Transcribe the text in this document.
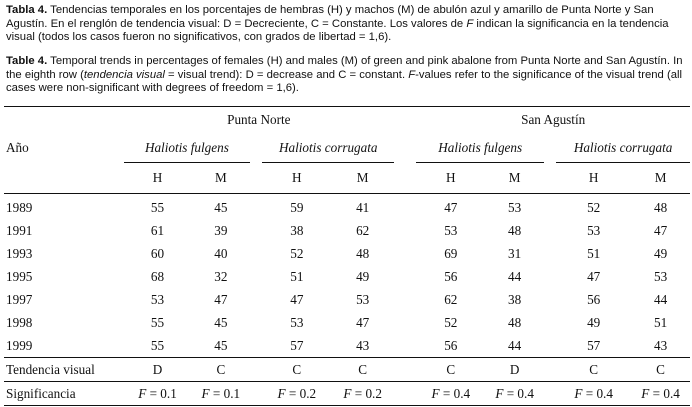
Tabla 4. Tendencias temporales en los porcentajes de hembras (H) y machos (M) de abulón azul y amarillo de Punta Norte y San Agustín. En el renglón de tendencia visual: D = Decreciente, C = Constante. Los valores de F indican la significancia en la tendencia visual (todos los casos fueron no significativos, con grados de libertad = 1,6).
Table 4. Temporal trends in percentages of females (H) and males (M) of green and pink abalone from Punta Norte and San Agustín. In the eighth row (tendencia visual = visual trend): D = decrease and C = constant. F-values refer to the significance of the visual trend (all cases were non-significant with degrees of freedom = 1,6).
	Punta Norte						San Agustín				
Año	Haliotis fulgens			Haliotis corrugata			Haliotis fulgens			Haliotis corrugata	
	H	M		H	M		H	M		H	M
1989	55	45		59	41		47	53		52	48
1991	61	39		38	62		53	48		53	47
1993	60	40		52	48		69	31		51	49
1995	68	32		51	49		56	44		47	53
1997	53	47		47	53		62	38		56	44
1998	55	45		53	47		52	48		49	51
1999	55	45		57	43		56	44		57	43
Tendencia visual	D	C		C	C		C	D		C	C
Significancia	F = 0.1	F = 0.1		F = 0.2	F = 0.2		F = 0.4	F = 0.4		F = 0.4	F = 0.4
